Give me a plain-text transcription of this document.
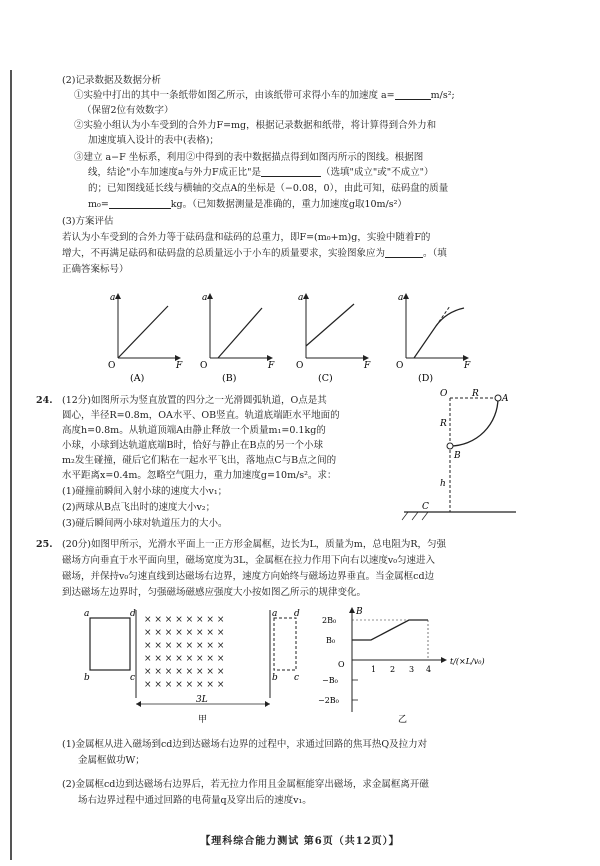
(2)记录数据及数据分析
①实验中打出的其中一条纸带如图乙所示，由该纸带可求得小车的加速度 a=	m/s²;
（保留2位有效数字）
②实验小组认为小车受到的合外力F=mg，根据记录数据和纸带，将计算得到合外力和
加速度填入设计的表中(表格)；
③建立 a−F 坐标系，利用②中得到的表中数据描点得到如图丙所示的图线。根据图
线，结论"小车加速度a与外力F成正比"是	（选填"成立"或"不成立"）
的；已知图线延长线与横轴的交点A的坐标是（−0.08，0），由此可知，砝码盘的质量
m₀=	kg。（已知数据测量是准确的，重力加速度g取10m/s²）
(3)方案评估
若认为小车受到的合外力等于砝码盘和砝码的总重力，即F=(m₀+m)g，实验中随着F的
增大，不再满足砝码和砝码盘的总质量远小于小车的质量要求，实验图象应为	。（填
正确答案标号）
a
F
O
(A)
a
F
O
(B)
a
F
O
(C)
a
F
O
(D)
24. (12分)如图所示为竖直放置的四分之一光滑圆弧轨道，O点是其
圆心，半径R=0.8m，OA水平、OB竖直。轨道底端距水平地面的
高度h=0.8m。从轨道顶端A由静止释放一个质量m₁=0.1kg的
小球，小球到达轨道底端B时，恰好与静止在B点的另一个小球
m₂发生碰撞，碰后它们粘在一起水平飞出，落地点C与B点之间的
水平距离x=0.4m。忽略空气阻力，重力加速度g=10m/s²。求：
(1)碰撞前瞬间入射小球的速度大小v₁；
(2)两球从B点飞出时的速度大小v₂；
(3)碰后瞬间两小球对轨道压力的大小。
O	R	A
R
B
h
C
25. (20分)如图甲所示，光滑水平面上一正方形金属框，边长为L，质量为m，总电阻为R，匀强
磁场方向垂直于水平面向里，磁场宽度为3L，金属框在拉力作用下向右以速度v₀匀速进入
磁场，并保持v₀匀速直线到达磁场右边界，速度方向始终与磁场边界垂直。当金属框cd边
到达磁场左边界时，匀强磁场磁感应强度大小按如图乙所示的规律变化。
× × × × × × × ×
× × × × × × × ×
× × × × × × × ×
× × × × × × × ×
× × × × × × × ×
× × × × × × × ×
a	d
b	c
a d
b c
3L
甲
B
2B₀
B₀
O
−B₀
−2B₀
1 2 3 4
t/(×L/v₀)
乙
(1)金属框从进入磁场到cd边到达磁场右边界的过程中，求通过回路的焦耳热Q及拉力对
金属框做功W；
(2)金属框cd边到达磁场右边界后，若无拉力作用且金属框能穿出磁场，求金属框离开磁
场右边界过程中通过回路的电荷量q及穿出后的速度v₁。
【理科综合能力测试 第6页（共12页）】
